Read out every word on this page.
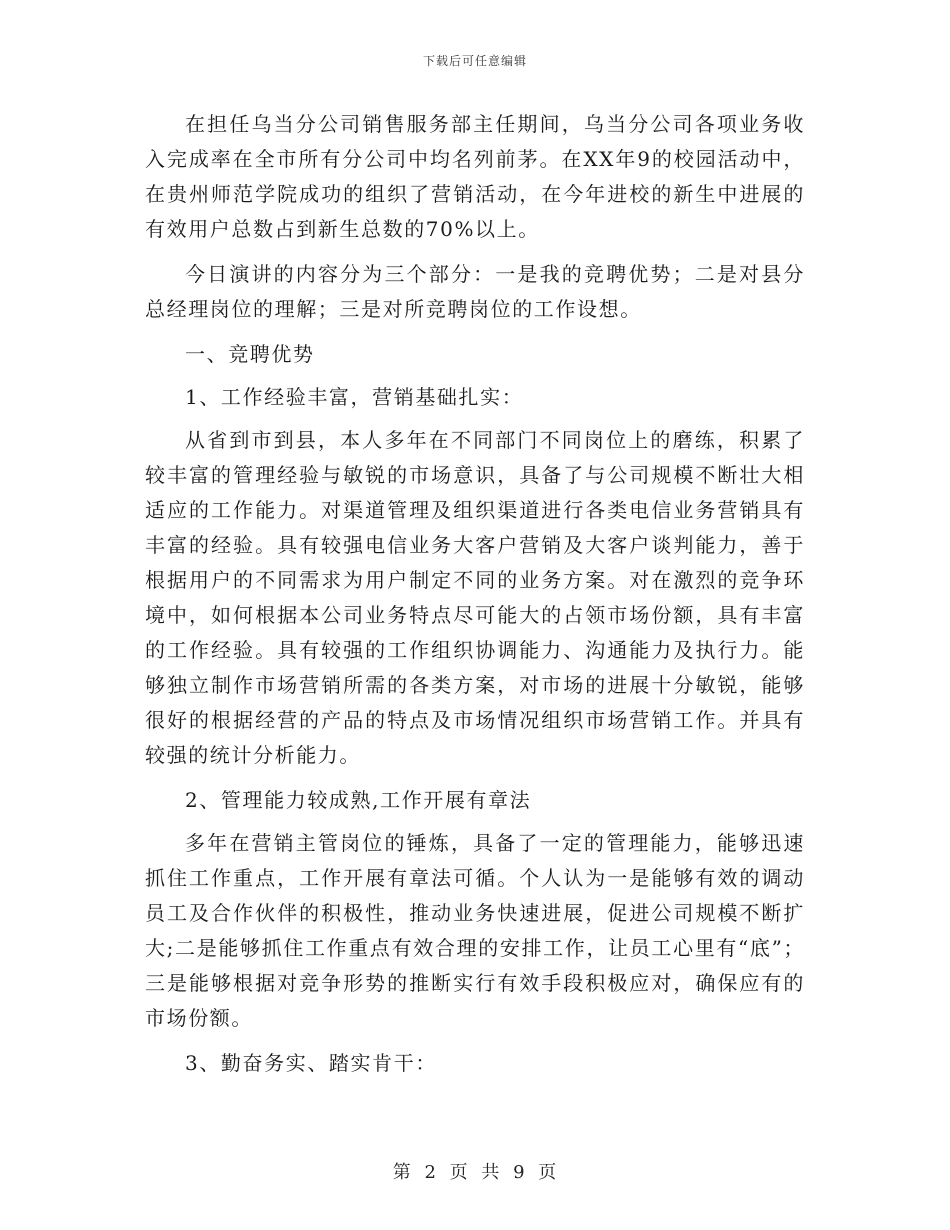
下载后可任意编辑

在担任乌当分公司销售服务部主任期间，乌当分公司各项业务收入完成率在全市所有分公司中均名列前茅。在XX年9的校园活动中，在贵州师范学院成功的组织了营销活动，在今年进校的新生中进展的有效用户总数占到新生总数的70%以上。

今日演讲的内容分为三个部分：一是我的竞聘优势；二是对县分总经理岗位的理解；三是对所竞聘岗位的工作设想。

一、竞聘优势

1、工作经验丰富，营销基础扎实：

从省到市到县，本人多年在不同部门不同岗位上的磨练，积累了较丰富的管理经验与敏锐的市场意识，具备了与公司规模不断壮大相适应的工作能力。对渠道管理及组织渠道进行各类电信业务营销具有丰富的经验。具有较强电信业务大客户营销及大客户谈判能力，善于根据用户的不同需求为用户制定不同的业务方案。对在激烈的竞争环境中，如何根据本公司业务特点尽可能大的占领市场份额，具有丰富的工作经验。具有较强的工作组织协调能力、沟通能力及执行力。能够独立制作市场营销所需的各类方案，对市场的进展十分敏锐，能够很好的根据经营的产品的特点及市场情况组织市场营销工作。并具有较强的统计分析能力。

2、管理能力较成熟,工作开展有章法

多年在营销主管岗位的锤炼，具备了一定的管理能力，能够迅速抓住工作重点，工作开展有章法可循。个人认为一是能够有效的调动员工及合作伙伴的积极性，推动业务快速进展，促进公司规模不断扩大;二是能够抓住工作重点有效合理的安排工作，让员工心里有“底”；三是能够根据对竞争形势的推断实行有效手段积极应对，确保应有的市场份额。

3、勤奋务实、踏实肯干：

第 2 页 共 9 页
